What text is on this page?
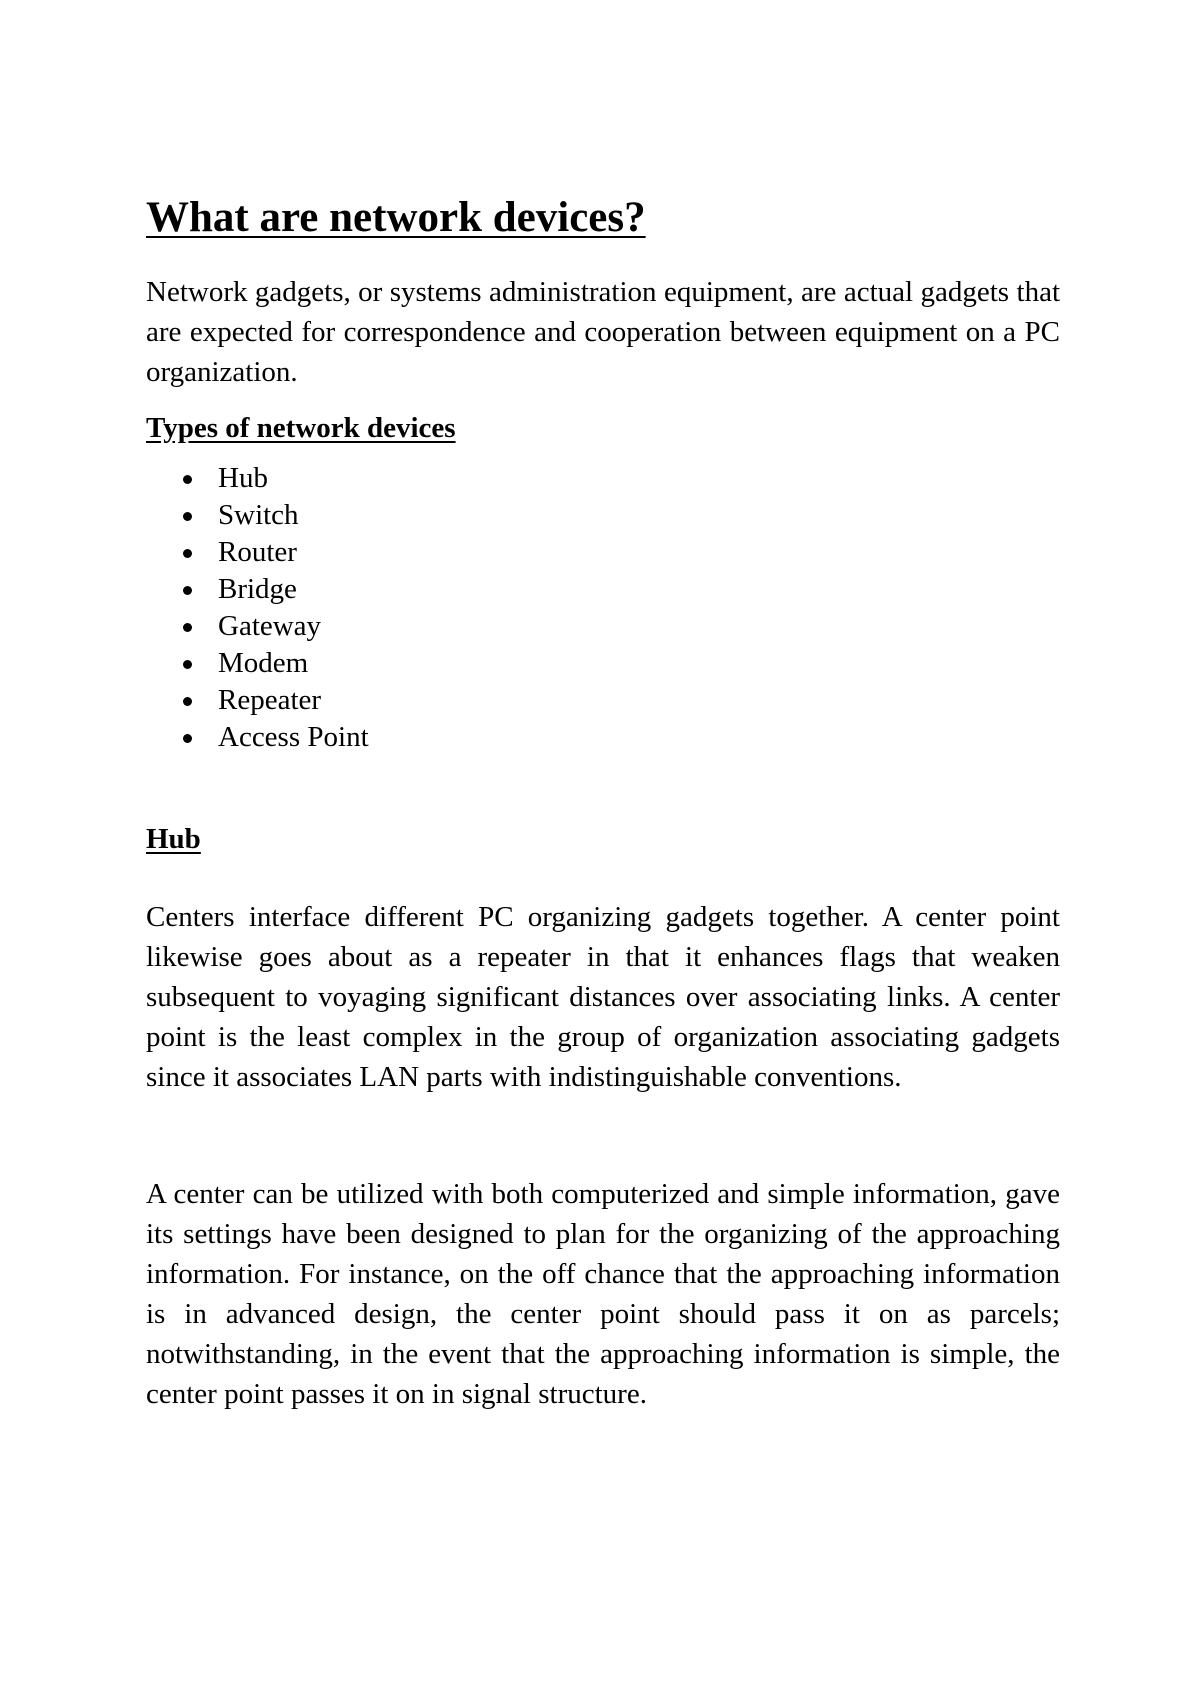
What are network devices?

Network gadgets, or systems administration equipment, are actual gadgets that are expected for correspondence and cooperation between equipment on a PC organization.

Types of network devices

Hub
Switch
Router
Bridge
Gateway
Modem
Repeater
Access Point

Hub

Centers interface different PC organizing gadgets together. A center point likewise goes about as a repeater in that it enhances flags that weaken subsequent to voyaging significant distances over associating links. A center point is the least complex in the group of organization associating gadgets since it associates LAN parts with indistinguishable conventions.

A center can be utilized with both computerized and simple information, gave its settings have been designed to plan for the organizing of the approaching information. For instance, on the off chance that the approaching information is in advanced design, the center point should pass it on as parcels; notwithstanding, in the event that the approaching information is simple, the center point passes it on in signal structure.
